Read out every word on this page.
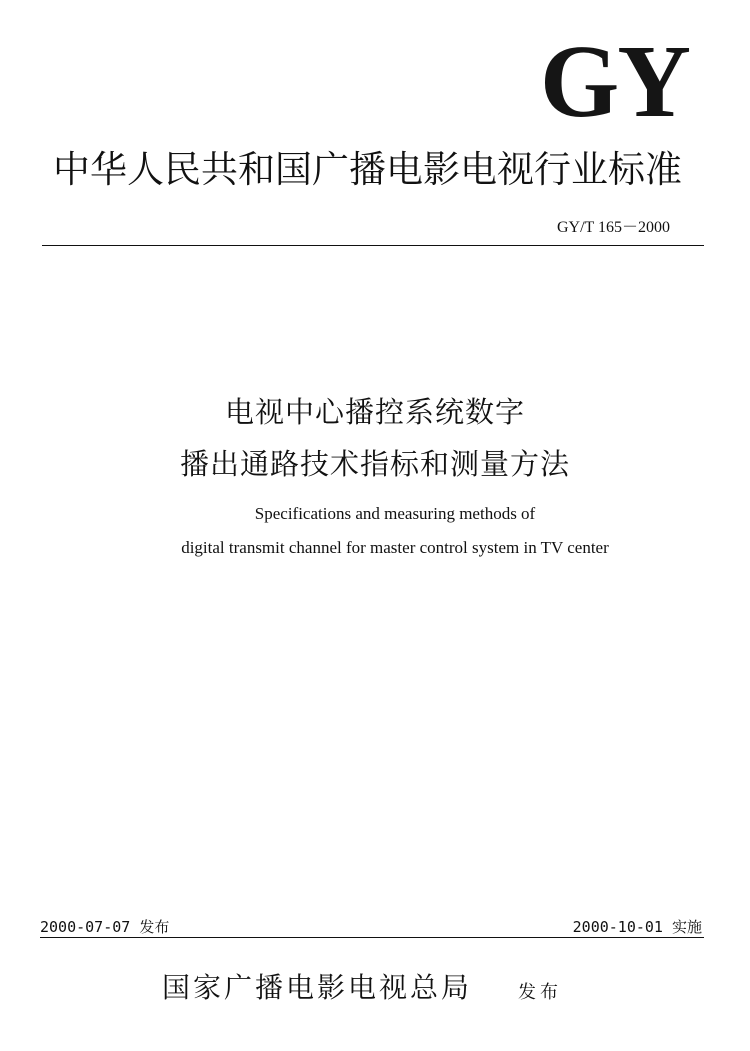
GY
中华人民共和国广播电影电视行业标准
GY/T 165－2000
电视中心播控系统数字
播出通路技术指标和测量方法
Specifications and measuring methods of
digital transmit channel for master control system in TV center
2000-07-07 发布	2000-10-01 实施
国家广播电影电视总局	发布
